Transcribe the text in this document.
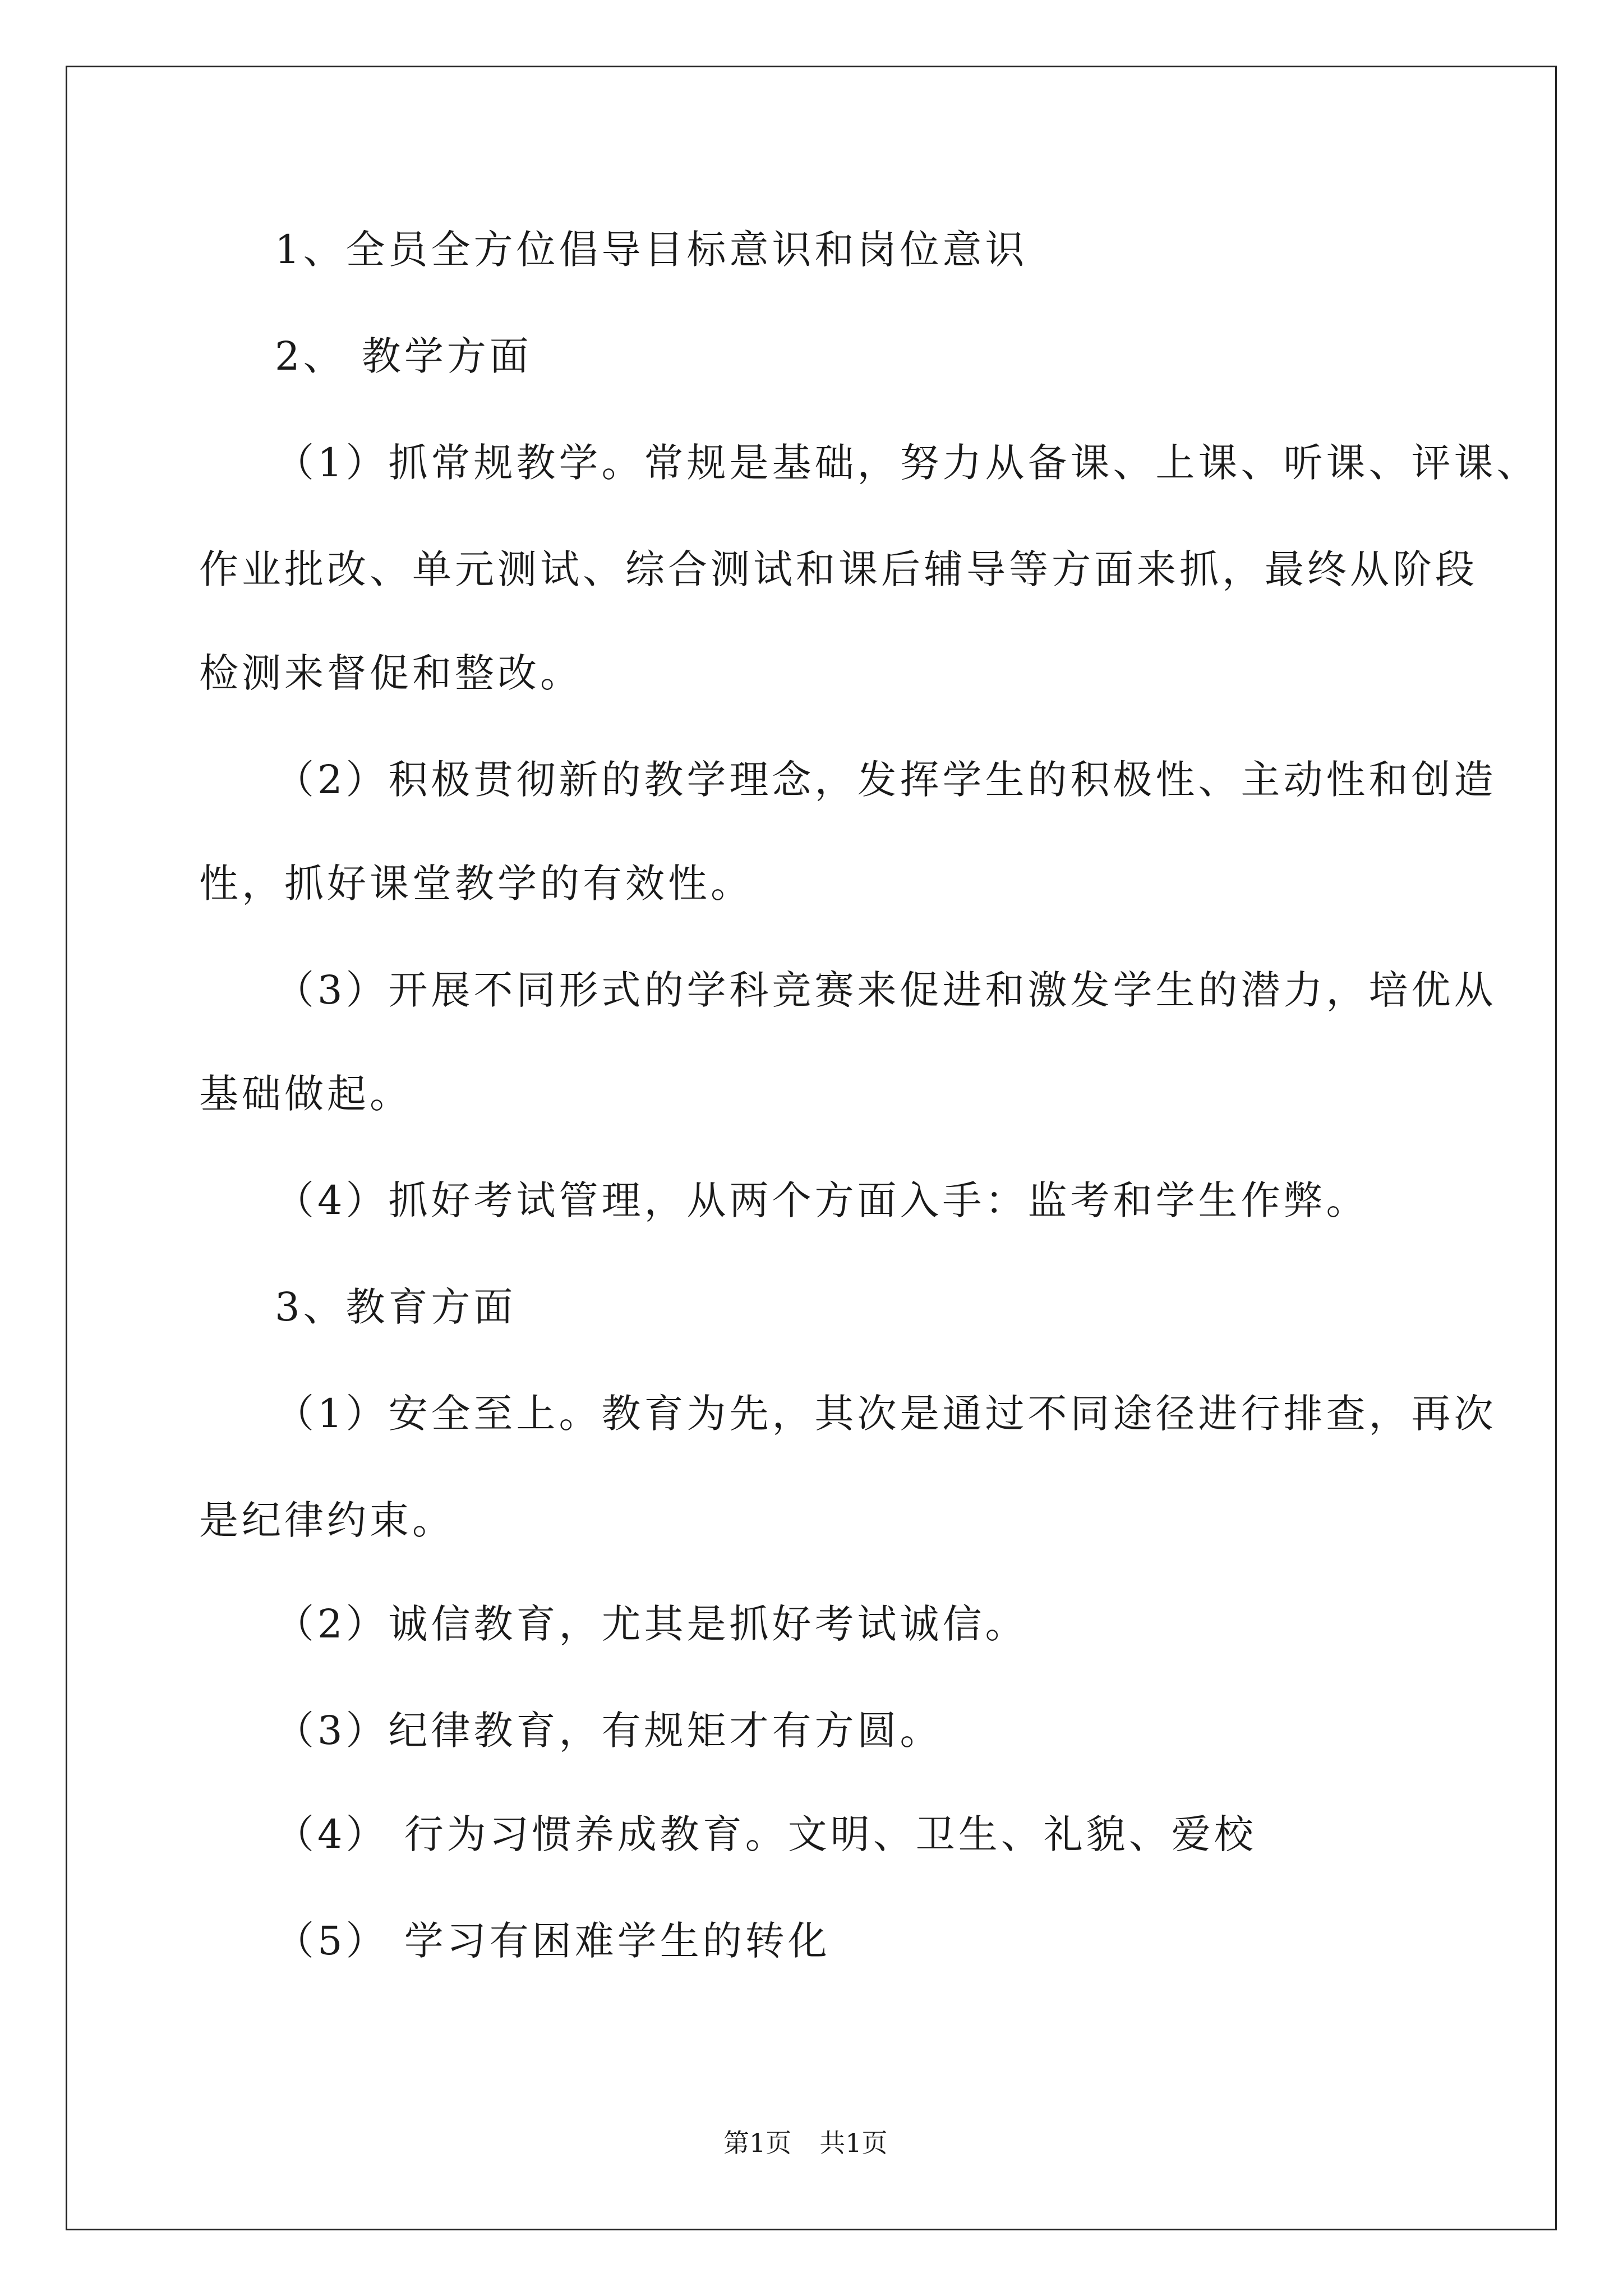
1、全员全方位倡导目标意识和岗位意识
2、 教学方面
（1）抓常规教学。常规是基础，努力从备课、上课、听课、评课、
作业批改、单元测试、综合测试和课后辅导等方面来抓，最终从阶段
检测来督促和整改。
（2）积极贯彻新的教学理念，发挥学生的积极性、主动性和创造
性，抓好课堂教学的有效性。
（3）开展不同形式的学科竞赛来促进和激发学生的潜力，培优从
基础做起。
（4）抓好考试管理，从两个方面入手：监考和学生作弊。
3、教育方面
（1）安全至上。教育为先，其次是通过不同途径进行排查，再次
是纪律约束。
（2）诚信教育，尤其是抓好考试诚信。
（3）纪律教育，有规矩才有方圆。
（4） 行为习惯养成教育。文明、卫生、礼貌、爱校
（5） 学习有困难学生的转化
第1页 共1页
